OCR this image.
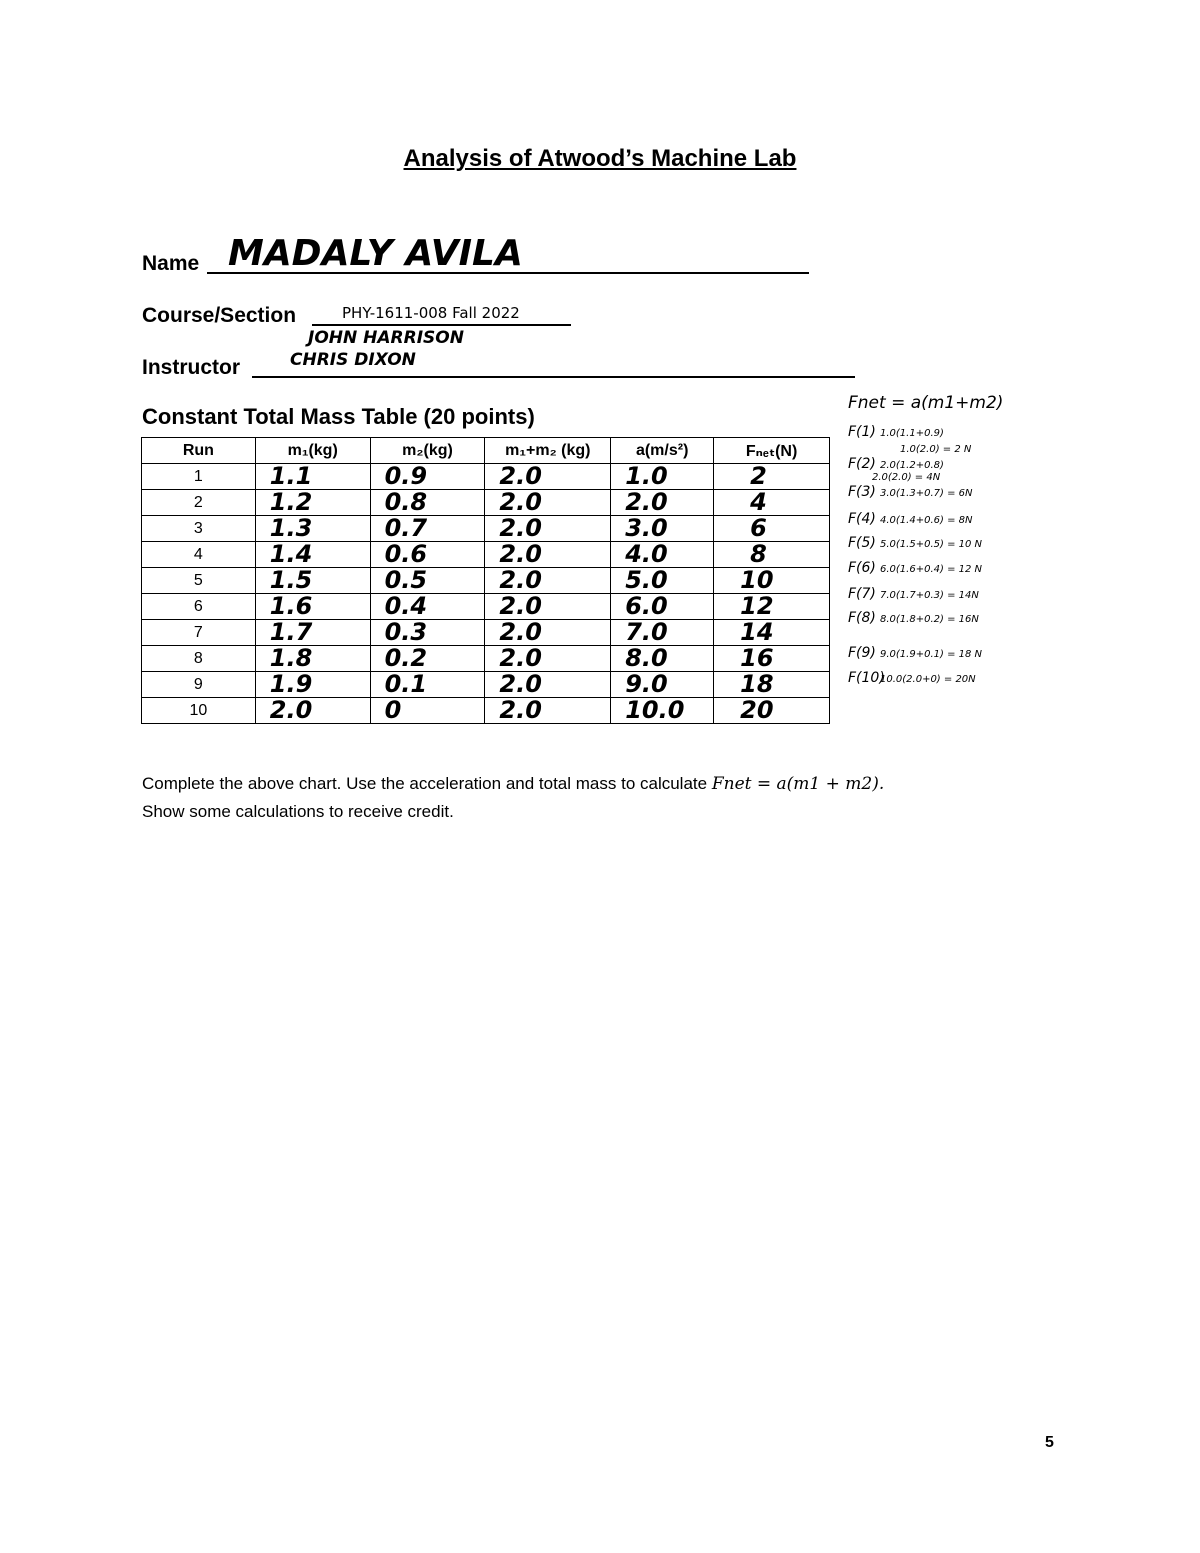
Analysis of Atwood’s Machine Lab
Name MADALY AVILA
Course/Section	PHY-1611-008 Fall 2022
Instructor
JOHN HARRISON
CHRIS DIXON
Constant Total Mass Table (20 points)
Run	m₁(kg)	m₂(kg)	m₁+m₂ (kg)	a(m/s²)	Fₙₑₜ(N)
1	1.1	0.9	2.0	1.0	2
2	1.2	0.8	2.0	2.0	4
3	1.3	0.7	2.0	3.0	6
4	1.4	0.6	2.0	4.0	8
5	1.5	0.5	2.0	5.0	10
6	1.6	0.4	2.0	6.0	12
7	1.7	0.3	2.0	7.0	14
8	1.8	0.2	2.0	8.0	16
9	1.9	0.1	2.0	9.0	18
10	2.0	0	2.0	10.0	20
Fnet = a(m1+m2)
F(1) 1.0(1.1+0.9)
1.0(2.0) = 2 N
F(2) 2.0(1.2+0.8)
2.0(2.0) = 4N
F(3) 3.0(1.3+0.7) = 6N
F(4) 4.0(1.4+0.6) = 8N
F(5) 5.0(1.5+0.5) = 10 N
F(6) 6.0(1.6+0.4) = 12 N
F(7) 7.0(1.7+0.3) = 14N
F(8) 8.0(1.8+0.2) = 16N
F(9) 9.0(1.9+0.1) = 18 N
F(10)10.0(2.0+0) = 20N
Complete the above chart. Use the acceleration and total mass to calculate Fnet = a(m1 + m2).
Show some calculations to receive credit.
5
